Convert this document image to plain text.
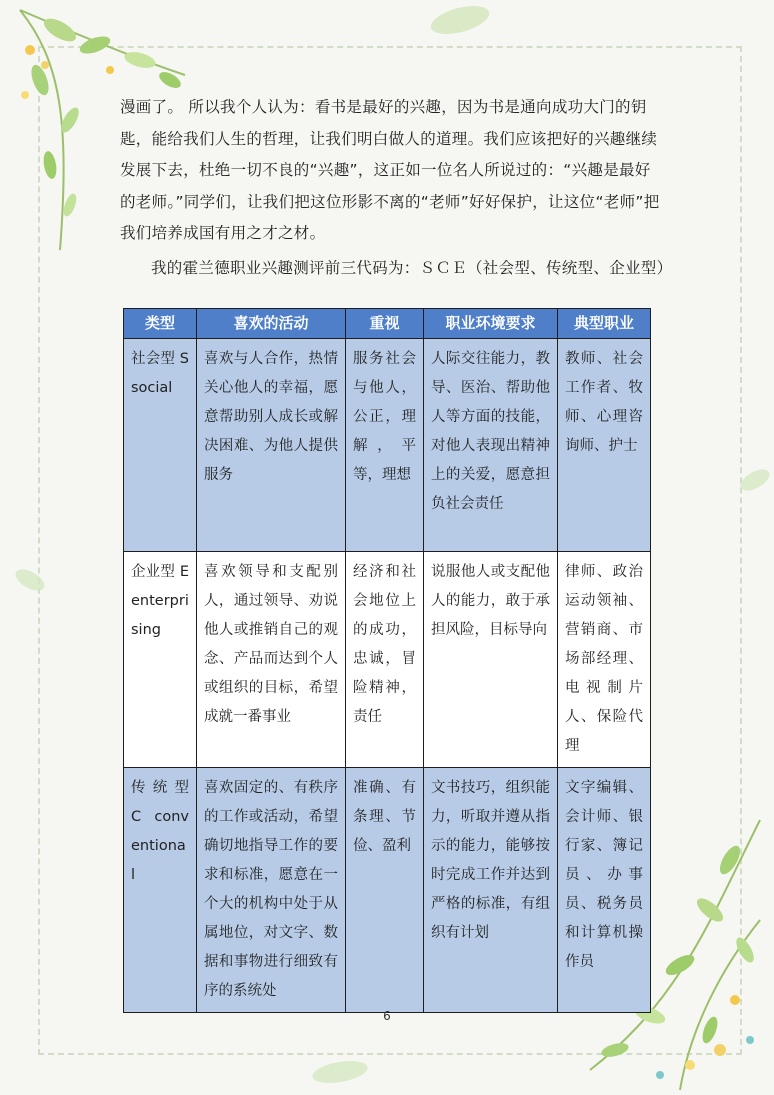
漫画了。 所以我个人认为：看书是最好的兴趣，因为书是通向成功大门的钥匙，能给我们人生的哲理，让我们明白做人的道理。我们应该把好的兴趣继续发展下去，杜绝一切不良的“兴趣”，这正如一位名人所说过的：“兴趣是最好的老师。”同学们，让我们把这位形影不离的“老师”好好保护，让这位“老师”把我们培养成国有用之才之材。

我的霍兰德职业兴趣测评前三代码为：ＳＣＥ（社会型、传统型、企业型）

类型	喜欢的活动	重视	职业环境要求	典型职业
社会型 S social	喜欢与人合作，热情关心他人的幸福，愿意帮助别人成长或解决困难、为他人提供服务	服务社会与他人，公正，理解，平等，理想	人际交往能力，教导、医治、帮助他人等方面的技能，对他人表现出精神上的关爱，愿意担负社会责任	教师、社会工作者、牧师、心理咨询师、护士
企业型 E enterprising	喜欢领导和支配别人，通过领导、劝说他人或推销自己的观念、产品而达到个人或组织的目标，希望成就一番事业	经济和社会地位上的成功，忠诚，冒险精神，责任	说服他人或支配他人的能力，敢于承担风险，目标导向	律师、政治运动领袖、营销商、市场部经理、电视制片人、保险代理
传统型 C conventional	喜欢固定的、有秩序的工作或活动，希望确切地指导工作的要求和标准，愿意在一个大的机构中处于从属地位，对文字、数据和事物进行细致有序的系统处	准确、有条理、节俭、盈利	文书技巧，组织能力，听取并遵从指示的能力，能够按时完成工作并达到严格的标准，有组织有计划	文字编辑、会计师、银行家、簿记员、办事员、税务员和计算机操作员
6
